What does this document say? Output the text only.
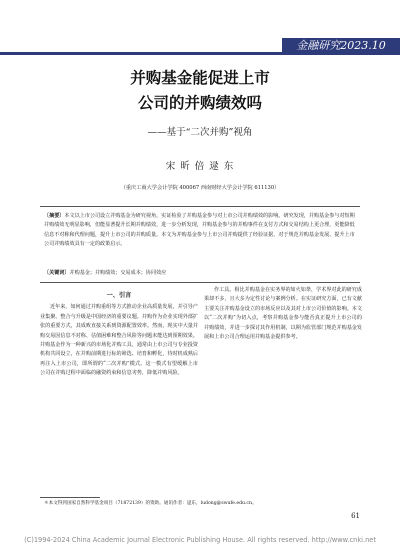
金融研究2023.10
并购基金能促进上市
公司的并购绩效吗
——基于“二次并购”视角
宋 昕 倍 逯 东
（重庆工商大学会计学院 400067 西南财经大学会计学院 611130）
〔摘要〕本文以上市公司设立并购基金为研究视角，实证检验了并购基金参与对上市公司并购绩效的影响。研究发现，并购基金参与对短期并购绩效无明显影响，但能显著提升长期并购绩效，进一步分析发现，并购基金参与的并购事件在支付方式和交易结构上更合理，更能降低信息不对称和代理问题，提升上市公司的并购质量。本文为并购基金参与上市公司并购提供了经验证据，对于规范并购基金发展、提升上市公司并购绩效具有一定的政策启示。
〔关键词〕并购基金；并购绩效；交易成本；协同效应
一、引言

近年来，如何通过并购重组等方式推动企业高质量发展，并引导产业集聚、整合与升级是中国经济的重要议题。并购作为企业实现外部扩张的重要方式，其成败直接关系到资源配置效率。然而，现实中大量并购交易因信息不对称、估值困难和整合风险等问题未能达到预期效果。并购基金作为一种新兴的市场化并购工具，通常由上市公司与专业投资机构共同设立，在并购前期进行标的筛选、培育和孵化，待时机成熟后再注入上市公司，即所谓的“二次并购”模式。这一模式有望缓解上市公司在并购过程中面临的融资约束和信息劣势，降低并购风险。

作工具。相比并购基金在实务界的如火如荼，学术界对此的研究成果却不多，且大多为定性讨论与案例分析。在实证研究方面，已有文献主要关注并购基金设立的市场反应以及其对上市公司价值的影响。本文以“二次并购”为切入点，考察并购基金参与能否真正提升上市公司的并购绩效，并进一步探讨其作用机制，以期为监管部门规范并购基金发展和上市公司合理运用并购基金提供参考。

＊本文得到国家自然科学基金项目（71872139）的资助。通讯作者：逯东，ludong@swufe.edu.cn。
61
(C)1994-2024 China Academic Journal Electronic Publishing House. All rights reserved. http://www.cnki.net
